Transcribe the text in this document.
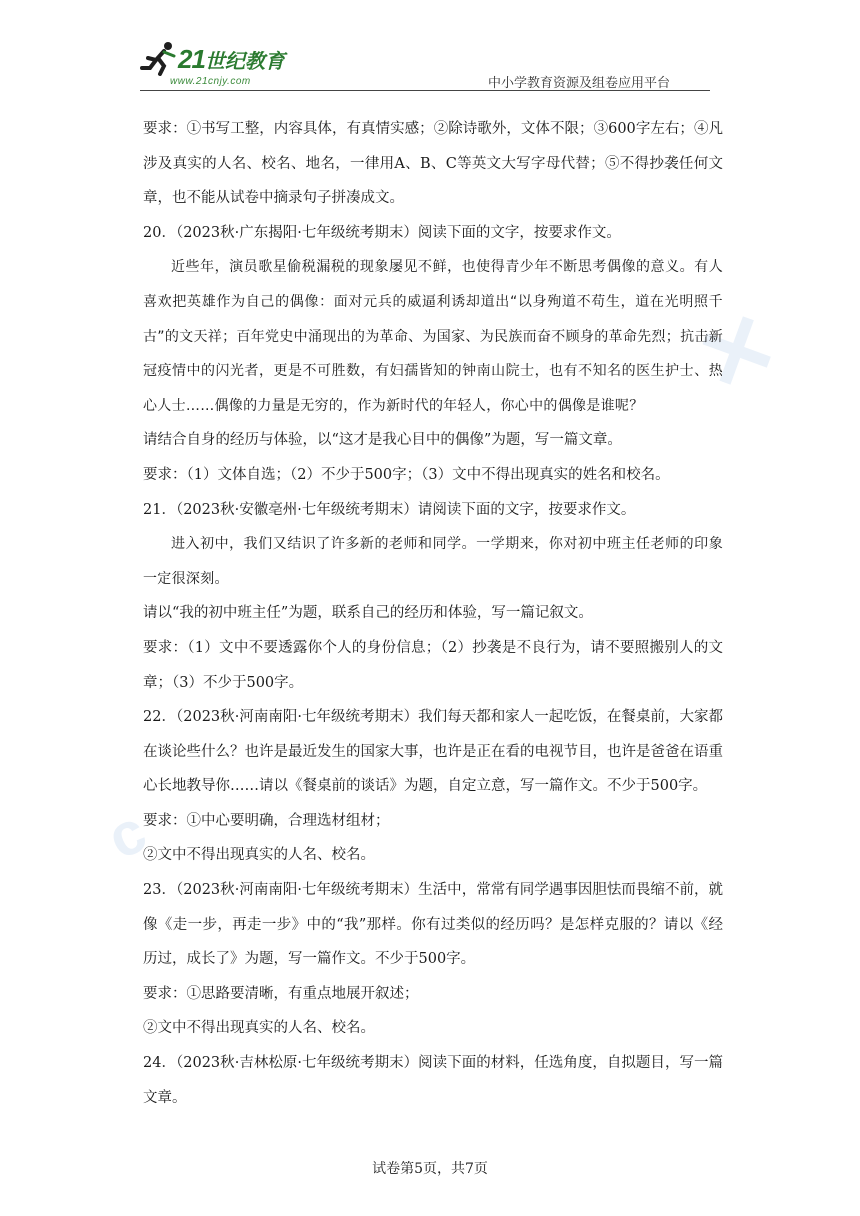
21世纪教育
www.21cnjy.com	中小学教育资源及组卷应用平台
✕
c

要求：①书写工整，内容具体，有真情实感；②除诗歌外，文体不限；③600字左右；④凡涉及真实的人名、校名、地名，一律用A、B、C等英文大写字母代替；⑤不得抄袭任何文章，也不能从试卷中摘录句子拼凑成文。

20．（2023秋·广东揭阳·七年级统考期末）阅读下面的文字，按要求作文。

近些年，演员歌星偷税漏税的现象屡见不鲜，也使得青少年不断思考偶像的意义。有人喜欢把英雄作为自己的偶像：面对元兵的威逼利诱却道出“以身殉道不苟生，道在光明照千古”的文天祥；百年党史中涌现出的为革命、为国家、为民族而奋不顾身的革命先烈；抗击新冠疫情中的闪光者，更是不可胜数，有妇孺皆知的钟南山院士，也有不知名的医生护士、热心人士……偶像的力量是无穷的，作为新时代的年轻人，你心中的偶像是谁呢？

请结合自身的经历与体验，以“这才是我心目中的偶像”为题，写一篇文章。

要求：（1）文体自选；（2）不少于500字；（3）文中不得出现真实的姓名和校名。

21．（2023秋·安徽亳州·七年级统考期末）请阅读下面的文字，按要求作文。

进入初中，我们又结识了许多新的老师和同学。一学期来，你对初中班主任老师的印象一定很深刻。

请以“我的初中班主任”为题，联系自己的经历和体验，写一篇记叙文。

要求：（1）文中不要透露你个人的身份信息；（2）抄袭是不良行为，请不要照搬别人的文章；（3）不少于500字。

22．（2023秋·河南南阳·七年级统考期末）我们每天都和家人一起吃饭，在餐桌前，大家都在谈论些什么？也许是最近发生的国家大事，也许是正在看的电视节目，也许是爸爸在语重心长地教导你……请以《餐桌前的谈话》为题，自定立意，写一篇作文。不少于500字。

要求：①中心要明确，合理选材组材；

②文中不得出现真实的人名、校名。

23．（2023秋·河南南阳·七年级统考期末）生活中，常常有同学遇事因胆怯而畏缩不前，就像《走一步，再走一步》中的“我”那样。你有过类似的经历吗？是怎样克服的？请以《经历过，成长了》为题，写一篇作文。不少于500字。

要求：①思路要清晰，有重点地展开叙述；

②文中不得出现真实的人名、校名。

24．（2023秋·吉林松原·七年级统考期末）阅读下面的材料，任选角度，自拟题目，写一篇文章。

试卷第5页，共7页
